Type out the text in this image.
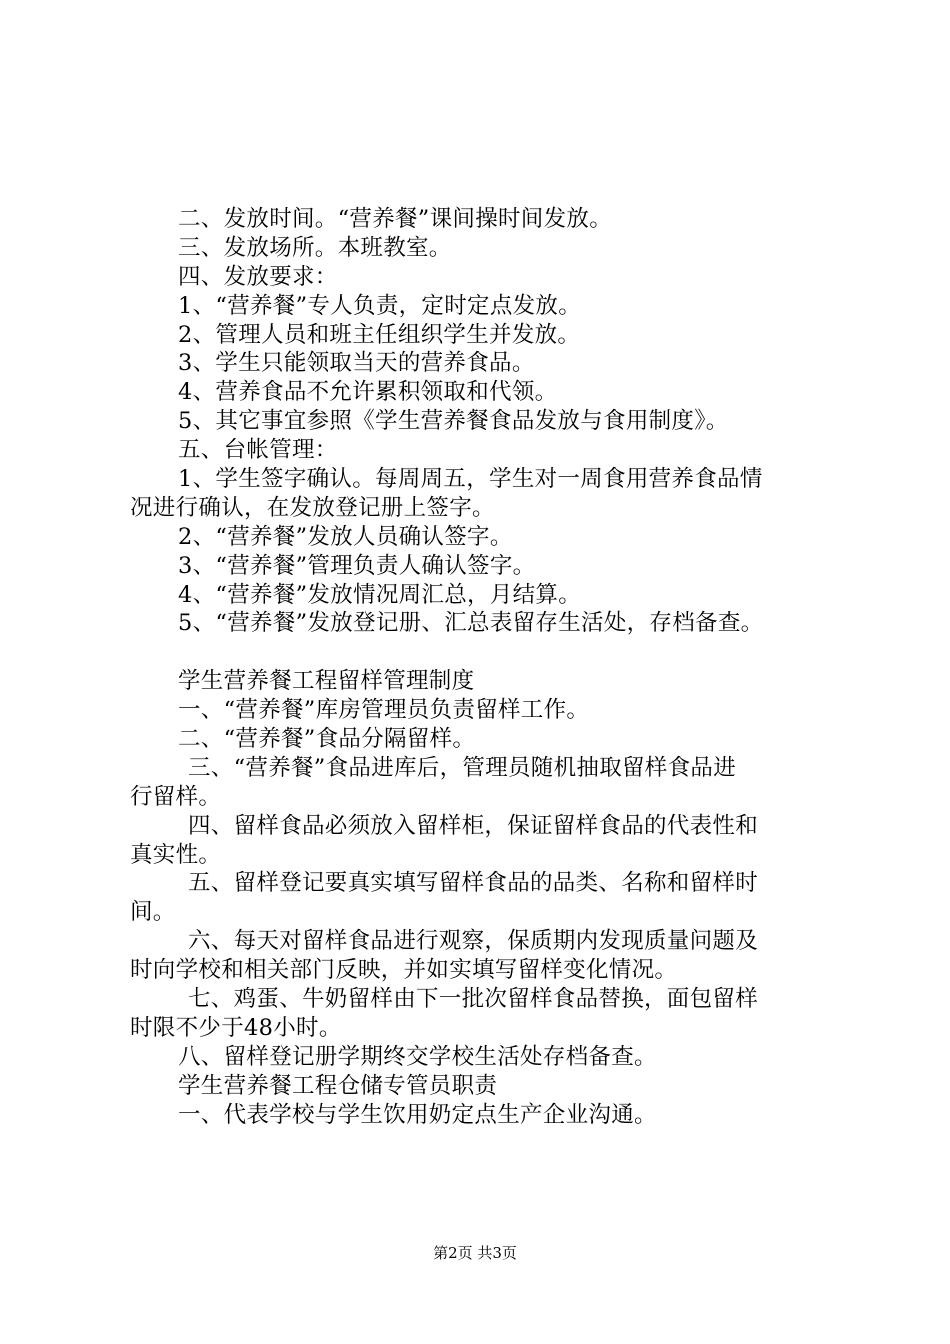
二、发放时间。“营养餐”课间操时间发放。
三、发放场所。本班教室。
四、发放要求：
1、“营养餐”专人负责，定时定点发放。
2、管理人员和班主任组织学生并发放。
3、学生只能领取当天的营养食品。
4、营养食品不允许累积领取和代领。
5、其它事宜参照《学生营养餐食品发放与食用制度》。
五、台帐管理：
1、学生签字确认。每周周五，学生对一周食用营养食品情
况进行确认，在发放登记册上签字。
2、“营养餐”发放人员确认签字。
3、“营养餐”管理负责人确认签字。
4、“营养餐”发放情况周汇总，月结算。
5、“营养餐”发放登记册、汇总表留存生活处，存档备查。
学生营养餐工程留样管理制度
一、“营养餐”库房管理员负责留样工作。
二、“营养餐”食品分隔留样。
三、“营养餐”食品进库后，管理员随机抽取留样食品进
行留样。
四、留样食品必须放入留样柜，保证留样食品的代表性和
真实性。
五、留样登记要真实填写留样食品的品类、名称和留样时
间。
六、每天对留样食品进行观察，保质期内发现质量问题及
时向学校和相关部门反映，并如实填写留样变化情况。
七、鸡蛋、牛奶留样由下一批次留样食品替换，面包留样
时限不少于48小时。
八、留样登记册学期终交学校生活处存档备查。
学生营养餐工程仓储专管员职责
一、代表学校与学生饮用奶定点生产企业沟通。
第2页 共3页
